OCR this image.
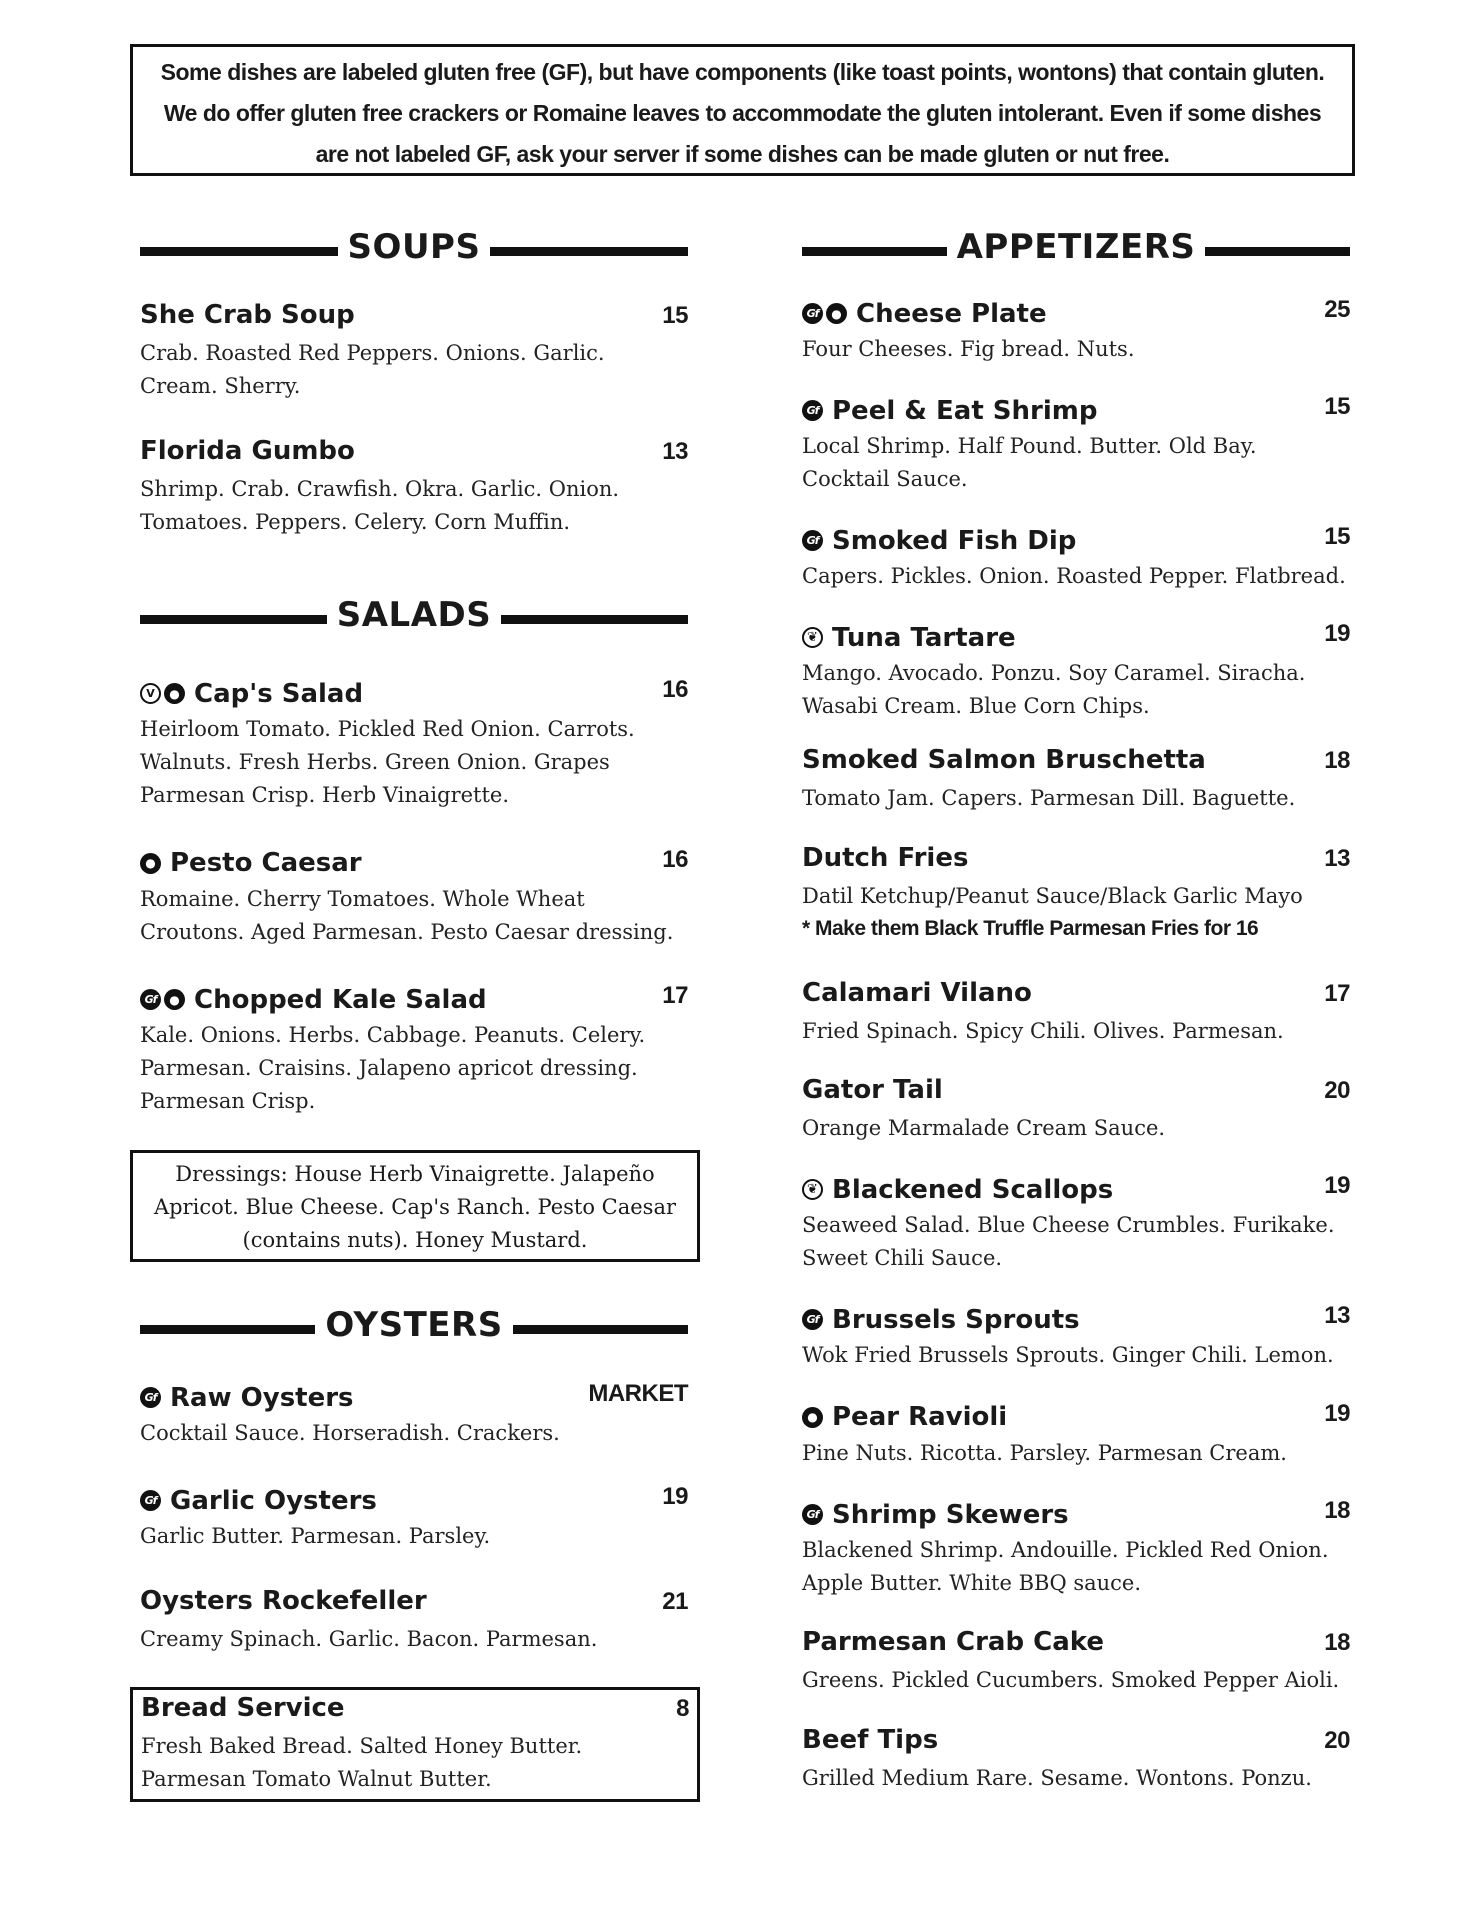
Some dishes are labeled gluten free (GF), but have components (like toast points, wontons) that contain gluten. We do offer gluten free crackers or Romaine leaves to accommodate the gluten intolerant. Even if some dishes are not labeled GF, ask your server if some dishes can be made gluten or nut free.
SOUPS
She Crab Soup	15
Crab. Roasted Red Peppers. Onions. Garlic. Cream. Sherry.
Florida Gumbo	13
Shrimp. Crab. Crawfish. Okra. Garlic. Onion. Tomatoes. Peppers. Celery. Corn Muffin.
SALADS
V	● Cap's Salad	16
Heirloom Tomato. Pickled Red Onion. Carrots. Walnuts. Fresh Herbs. Green Onion. Grapes Parmesan Crisp. Herb Vinaigrette.
● Pesto Caesar	16
Romaine. Cherry Tomatoes. Whole Wheat Croutons. Aged Parmesan. Pesto Caesar dressing.
Gf	● Chopped Kale Salad	17
Kale. Onions. Herbs. Cabbage. Peanuts. Celery. Parmesan. Craisins. Jalapeno apricot dressing. Parmesan Crisp.
Dressings: House Herb Vinaigrette. Jalapeño Apricot. Blue Cheese. Cap's Ranch. Pesto Caesar (contains nuts). Honey Mustard.
OYSTERS
Gf Raw Oysters	MARKET
Cocktail Sauce. Horseradish. Crackers.
Gf Garlic Oysters	19
Garlic Butter. Parmesan. Parsley.
Oysters Rockefeller	21
Creamy Spinach. Garlic. Bacon. Parmesan.
Bread Service	8
Fresh Baked Bread. Salted Honey Butter. Parmesan Tomato Walnut Butter.
APPETIZERS
Gf	● Cheese Plate	25
Four Cheeses. Fig bread. Nuts.
Gf Peel & Eat Shrimp	15
Local Shrimp. Half Pound. Butter. Old Bay. Cocktail Sauce.
Gf Smoked Fish Dip	15
Capers. Pickles. Onion. Roasted Pepper. Flatbread.
❦ Tuna Tartare	19
Mango. Avocado. Ponzu. Soy Caramel. Siracha. Wasabi Cream. Blue Corn Chips.
Smoked Salmon Bruschetta	18
Tomato Jam. Capers. Parmesan Dill. Baguette.
Dutch Fries	13
Datil Ketchup/Peanut Sauce/Black Garlic Mayo
* Make them Black Truffle Parmesan Fries for 16
Calamari Vilano	17
Fried Spinach. Spicy Chili. Olives. Parmesan.
Gator Tail	20
Orange Marmalade Cream Sauce.
❦ Blackened Scallops	19
Seaweed Salad. Blue Cheese Crumbles. Furikake. Sweet Chili Sauce.
Gf Brussels Sprouts	13
Wok Fried Brussels Sprouts. Ginger Chili. Lemon.
● Pear Ravioli	19
Pine Nuts. Ricotta. Parsley. Parmesan Cream.
Gf Shrimp Skewers	18
Blackened Shrimp. Andouille. Pickled Red Onion. Apple Butter. White BBQ sauce.
Parmesan Crab Cake	18
Greens. Pickled Cucumbers. Smoked Pepper Aioli.
Beef Tips	20
Grilled Medium Rare. Sesame. Wontons. Ponzu.
